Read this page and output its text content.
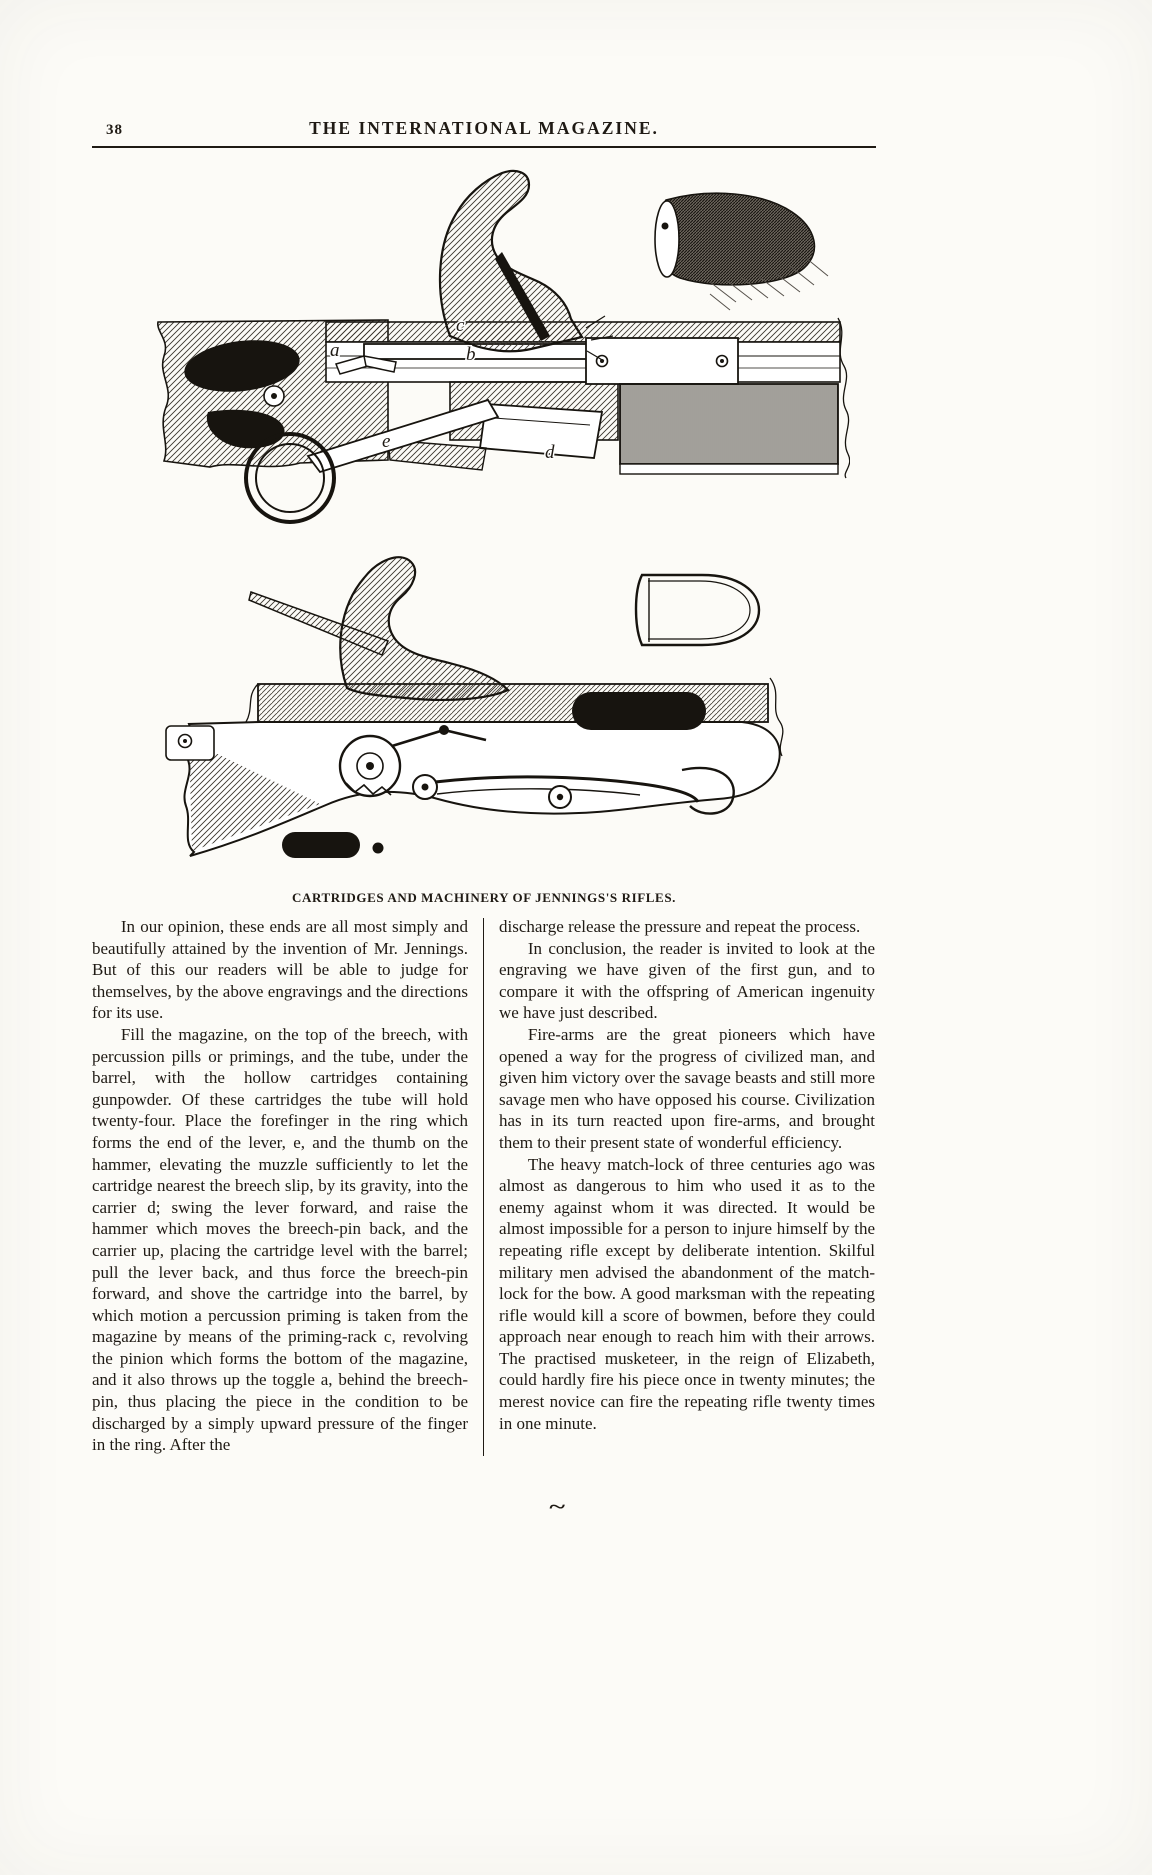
38	THE INTERNATIONAL MAGAZINE.
a
c
b
d
e
CARTRIDGES AND MACHINERY OF JENNINGS'S RIFLES.

In our opinion, these ends are all most simply and beautifully attained by the invention of Mr. Jennings. But of this our readers will be able to judge for themselves, by the above engravings and the directions for its use.

Fill the magazine, on the top of the breech, with percussion pills or primings, and the tube, under the barrel, with the hollow cartridges containing gunpowder. Of these cartridges the tube will hold twenty-four. Place the forefinger in the ring which forms the end of the lever, e, and the thumb on the hammer, elevating the muzzle sufficiently to let the cartridge nearest the breech slip, by its gravity, into the carrier d; swing the lever forward, and raise the hammer which moves the breech-pin back, and the carrier up, placing the cartridge level with the barrel; pull the lever back, and thus force the breech-pin forward, and shove the cartridge into the barrel, by which motion a percussion priming is taken from the magazine by means of the priming-rack c, revolving the pinion which forms the bottom of the magazine, and it also throws up the toggle a, behind the breech-pin, thus placing the piece in the condition to be discharged by a simply upward pressure of the finger in the ring. After the

discharge release the pressure and repeat the process.

In conclusion, the reader is invited to look at the engraving we have given of the first gun, and to compare it with the offspring of American ingenuity we have just described.

Fire-arms are the great pioneers which have opened a way for the progress of civilized man, and given him victory over the savage beasts and still more savage men who have opposed his course. Civilization has in its turn reacted upon fire-arms, and brought them to their present state of wonderful efficiency.

The heavy match-lock of three centuries ago was almost as dangerous to him who used it as to the enemy against whom it was directed. It would be almost impossible for a person to injure himself by the repeating rifle except by deliberate intention. Skilful military men advised the abandonment of the match-lock for the bow. A good marksman with the repeating rifle would kill a score of bowmen, before they could approach near enough to reach him with their arrows. The practised musketeer, in the reign of Elizabeth, could hardly fire his piece once in twenty minutes; the merest novice can fire the repeating rifle twenty times in one minute.

~
